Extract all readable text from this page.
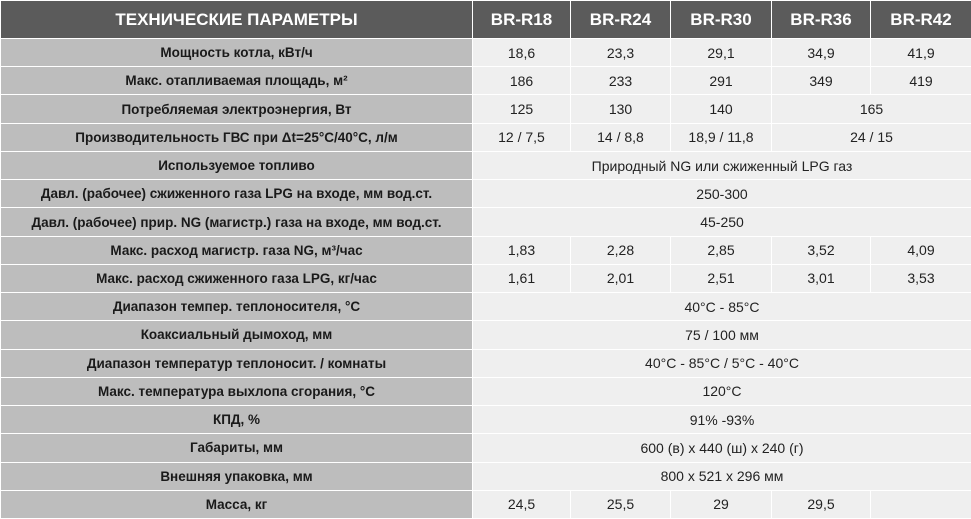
ТЕХНИЧЕСКИЕ ПАРАМЕТРЫ	BR-R18	BR-R24	BR-R30	BR-R36	BR-R42
Мощность котла, кВт/ч	18,6	23,3	29,1	34,9	41,9
Макс. отапливаемая площадь, м²	186	233	291	349	419
Потребляемая электроэнергия, Вт	125	130	140	165	
Производительность ГВС при Δt=25°C/40°C, л/м	12 / 7,5	14 / 8,8	18,9 / 11,8	24 / 15	
Используемое топливо	Природный NG или сжиженный LPG газ				
Давл. (рабочее) сжиженного газа LPG на входе, мм вод.ст.	250-300				
Давл. (рабочее) прир. NG (магистр.) газа на входе, мм вод.ст.	45-250				
Макс. расход магистр. газа NG, м³/час	1,83	2,28	2,85	3,52	4,09
Макс. расход сжиженного газа LPG, кг/час	1,61	2,01	2,51	3,01	3,53
Диапазон темпер. теплоносителя, °C	40°C - 85°C				
Коаксиальный дымоход, мм	75 / 100 мм				
Диапазон температур теплоносит. / комнаты	40°C - 85°C / 5°C - 40°C				
Макс. температура выхлопа сгорания, °C	120°C				
КПД, %	91% -93%				
Габариты, мм	600 (в) x 440 (ш) x 240 (г)				
Внешняя упаковка, мм	800 x 521 x 296 мм				
Масса, кг	24,5	25,5	29	29,5	
